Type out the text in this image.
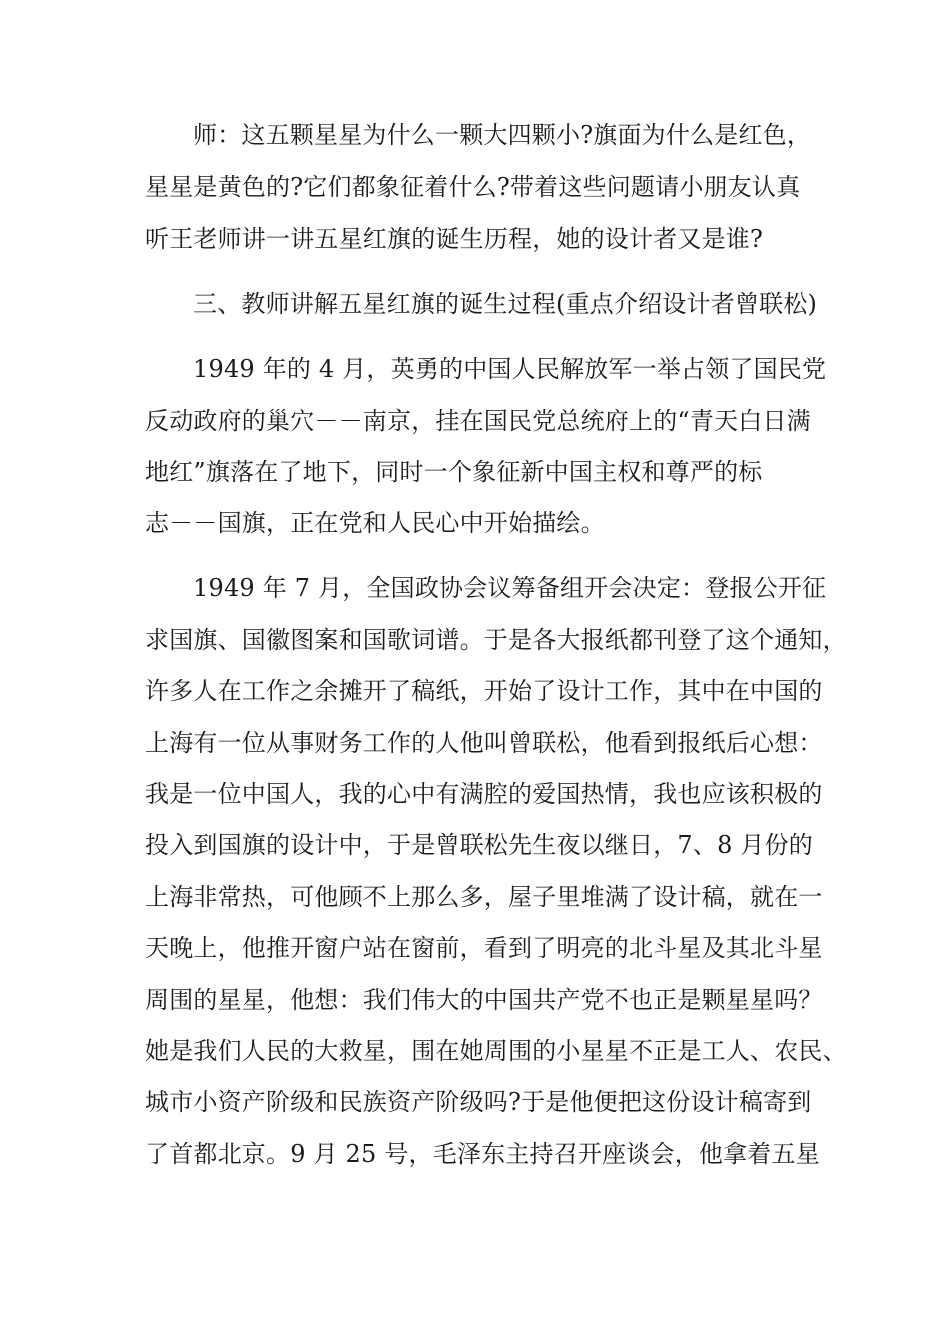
师：这五颗星星为什么一颗大四颗小?旗面为什么是红色，
星星是黄色的?它们都象征着什么?带着这些问题请小朋友认真
听王老师讲一讲五星红旗的诞生历程，她的设计者又是谁?
三、教师讲解五星红旗的诞生过程(重点介绍设计者曾联松)
1949 年的 4 月，英勇的中国人民解放军一举占领了国民党
反动政府的巢穴－－南京，挂在国民党总统府上的“青天白日满
地红”旗落在了地下，同时一个象征新中国主权和尊严的标
志－－国旗，正在党和人民心中开始描绘。
1949 年 7 月，全国政协会议筹备组开会决定：登报公开征
求国旗、国徽图案和国歌词谱。于是各大报纸都刊登了这个通知，
许多人在工作之余摊开了稿纸，开始了设计工作，其中在中国的
上海有一位从事财务工作的人他叫曾联松，他看到报纸后心想：
我是一位中国人，我的心中有满腔的爱国热情，我也应该积极的
投入到国旗的设计中，于是曾联松先生夜以继日，7、8 月份的
上海非常热，可他顾不上那么多，屋子里堆满了设计稿，就在一
天晚上，他推开窗户站在窗前，看到了明亮的北斗星及其北斗星
周围的星星，他想：我们伟大的中国共产党不也正是颗星星吗？
她是我们人民的大救星，围在她周围的小星星不正是工人、农民、
城市小资产阶级和民族资产阶级吗?于是他便把这份设计稿寄到
了首都北京。9 月 25 号，毛泽东主持召开座谈会，他拿着五星
